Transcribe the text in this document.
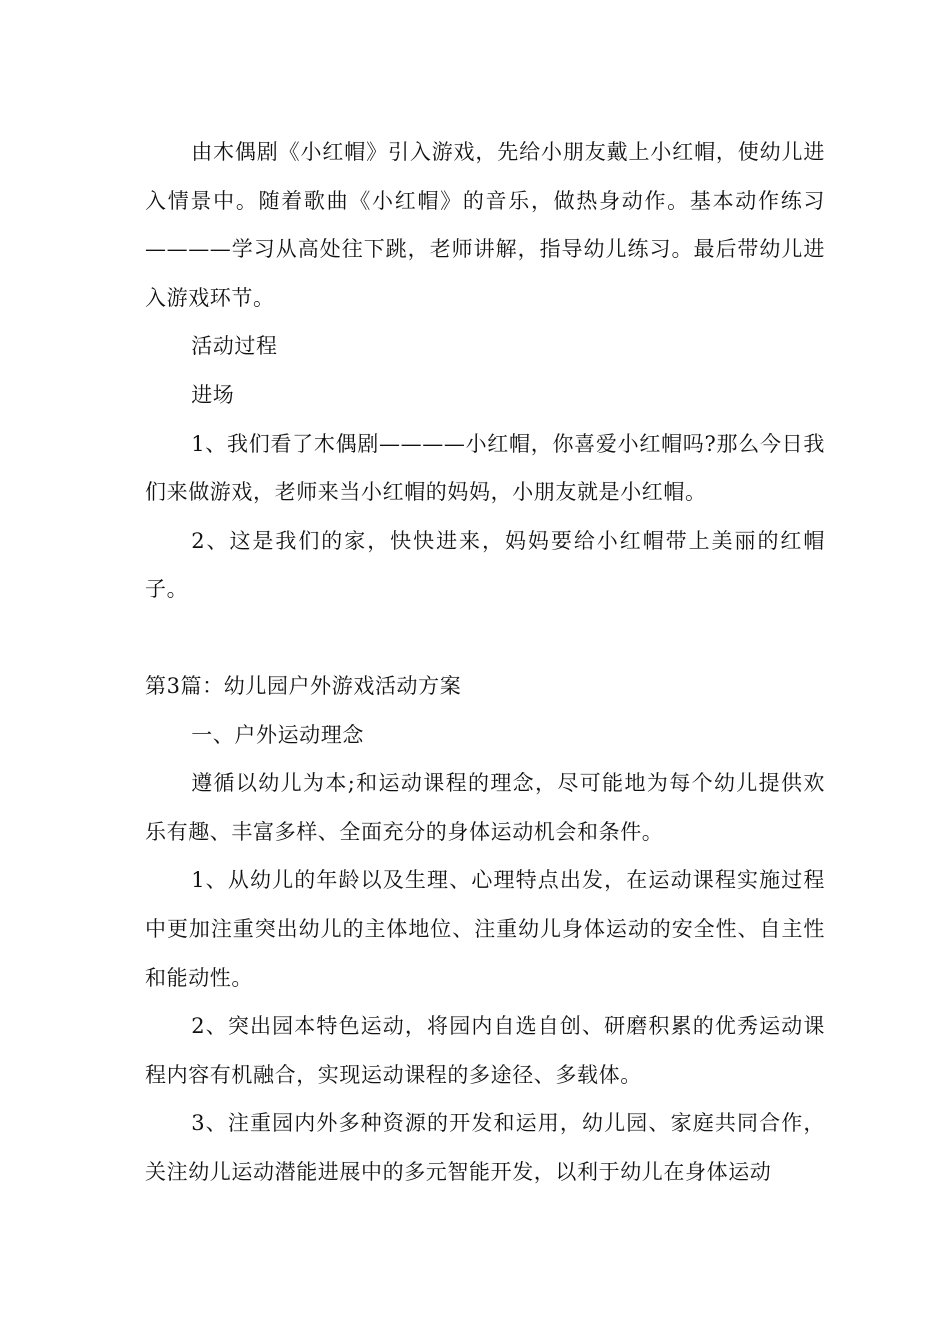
由木偶剧《小红帽》引入游戏，先给小朋友戴上小红帽，使幼儿进入情景中。随着歌曲《小红帽》的音乐，做热身动作。基本动作练习————学习从高处往下跳，老师讲解，指导幼儿练习。最后带幼儿进入游戏环节。

活动过程

进场

1、我们看了木偶剧————小红帽，你喜爱小红帽吗?那么今日我们来做游戏，老师来当小红帽的妈妈，小朋友就是小红帽。

2、这是我们的家，快快进来，妈妈要给小红帽带上美丽的红帽子。

第3篇：幼儿园户外游戏活动方案

一、户外运动理念

遵循以幼儿为本;和运动课程的理念，尽可能地为每个幼儿提供欢乐有趣、丰富多样、全面充分的身体运动机会和条件。

1、从幼儿的年龄以及生理、心理特点出发，在运动课程实施过程中更加注重突出幼儿的主体地位、注重幼儿身体运动的安全性、自主性和能动性。

2、突出园本特色运动，将园内自选自创、研磨积累的优秀运动课程内容有机融合，实现运动课程的多途径、多载体。

3、注重园内外多种资源的开发和运用，幼儿园、家庭共同合作，关注幼儿运动潜能进展中的多元智能开发，以利于幼儿在身体运动
